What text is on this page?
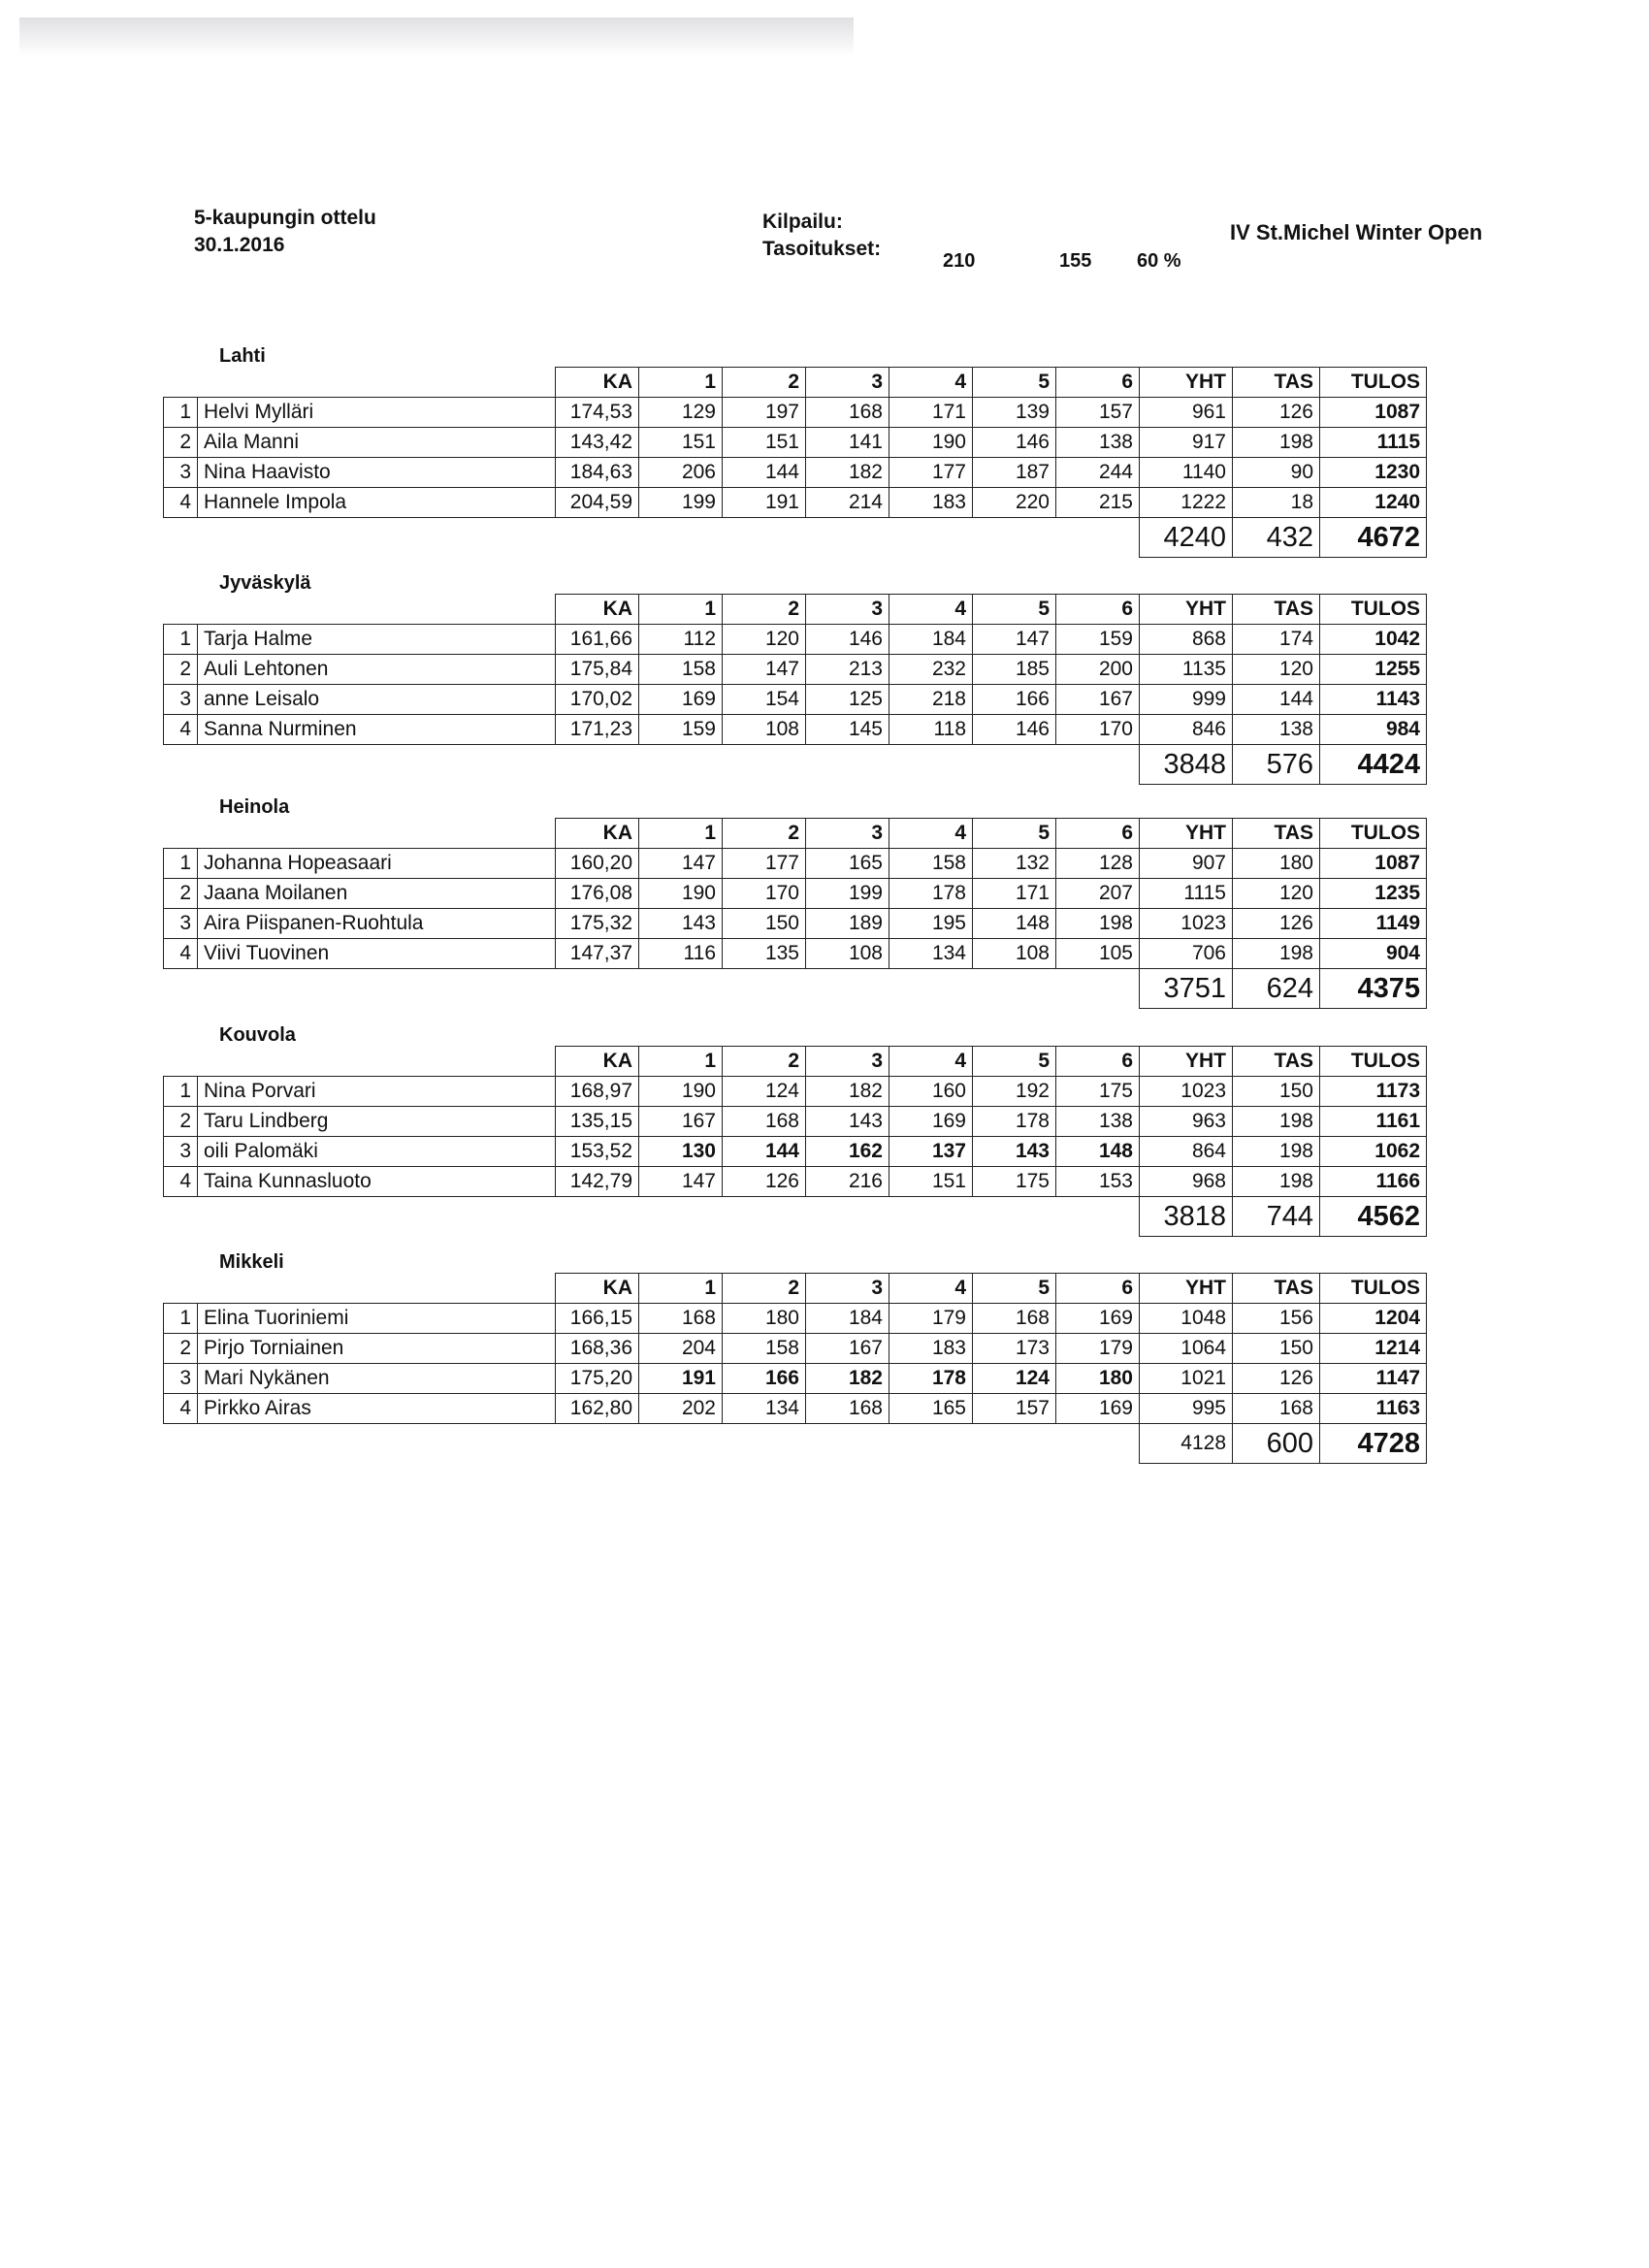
5-kaupungin ottelu
30.1.2016
Kilpailu:
Tasoitukset:
210	155 60 %
IV St.Michel Winter Open
Lahti
		KA	1	2	3	4	5	6	YHT	TAS	TULOS
1	Helvi Mylläri	174,53	129	197	168	171	139	157	961	126	1087
2	Aila Manni	143,42	151	151	141	190	146	138	917	198	1115
3	Nina Haavisto	184,63	206	144	182	177	187	244	1140	90	1230
4	Hannele Impola	204,59	199	191	214	183	220	215	1222	18	1240
									4240	432	4672
Jyväskylä
		KA	1	2	3	4	5	6	YHT	TAS	TULOS
1	Tarja Halme	161,66	112	120	146	184	147	159	868	174	1042
2	Auli Lehtonen	175,84	158	147	213	232	185	200	1135	120	1255
3	anne Leisalo	170,02	169	154	125	218	166	167	999	144	1143
4	Sanna Nurminen	171,23	159	108	145	118	146	170	846	138	984
									3848	576	4424
Heinola
		KA	1	2	3	4	5	6	YHT	TAS	TULOS
1	Johanna Hopeasaari	160,20	147	177	165	158	132	128	907	180	1087
2	Jaana Moilanen	176,08	190	170	199	178	171	207	1115	120	1235
3	Aira Piispanen-Ruohtula	175,32	143	150	189	195	148	198	1023	126	1149
4	Viivi Tuovinen	147,37	116	135	108	134	108	105	706	198	904
									3751	624	4375
Kouvola
		KA	1	2	3	4	5	6	YHT	TAS	TULOS
1	Nina Porvari	168,97	190	124	182	160	192	175	1023	150	1173
2	Taru Lindberg	135,15	167	168	143	169	178	138	963	198	1161
3	oili Palomäki	153,52	130	144	162	137	143	148	864	198	1062
4	Taina Kunnasluoto	142,79	147	126	216	151	175	153	968	198	1166
									3818	744	4562
Mikkeli
		KA	1	2	3	4	5	6	YHT	TAS	TULOS
1	Elina Tuoriniemi	166,15	168	180	184	179	168	169	1048	156	1204
2	Pirjo Torniainen	168,36	204	158	167	183	173	179	1064	150	1214
3	Mari Nykänen	175,20	191	166	182	178	124	180	1021	126	1147
4	Pirkko Airas	162,80	202	134	168	165	157	169	995	168	1163
									4128	600	4728
